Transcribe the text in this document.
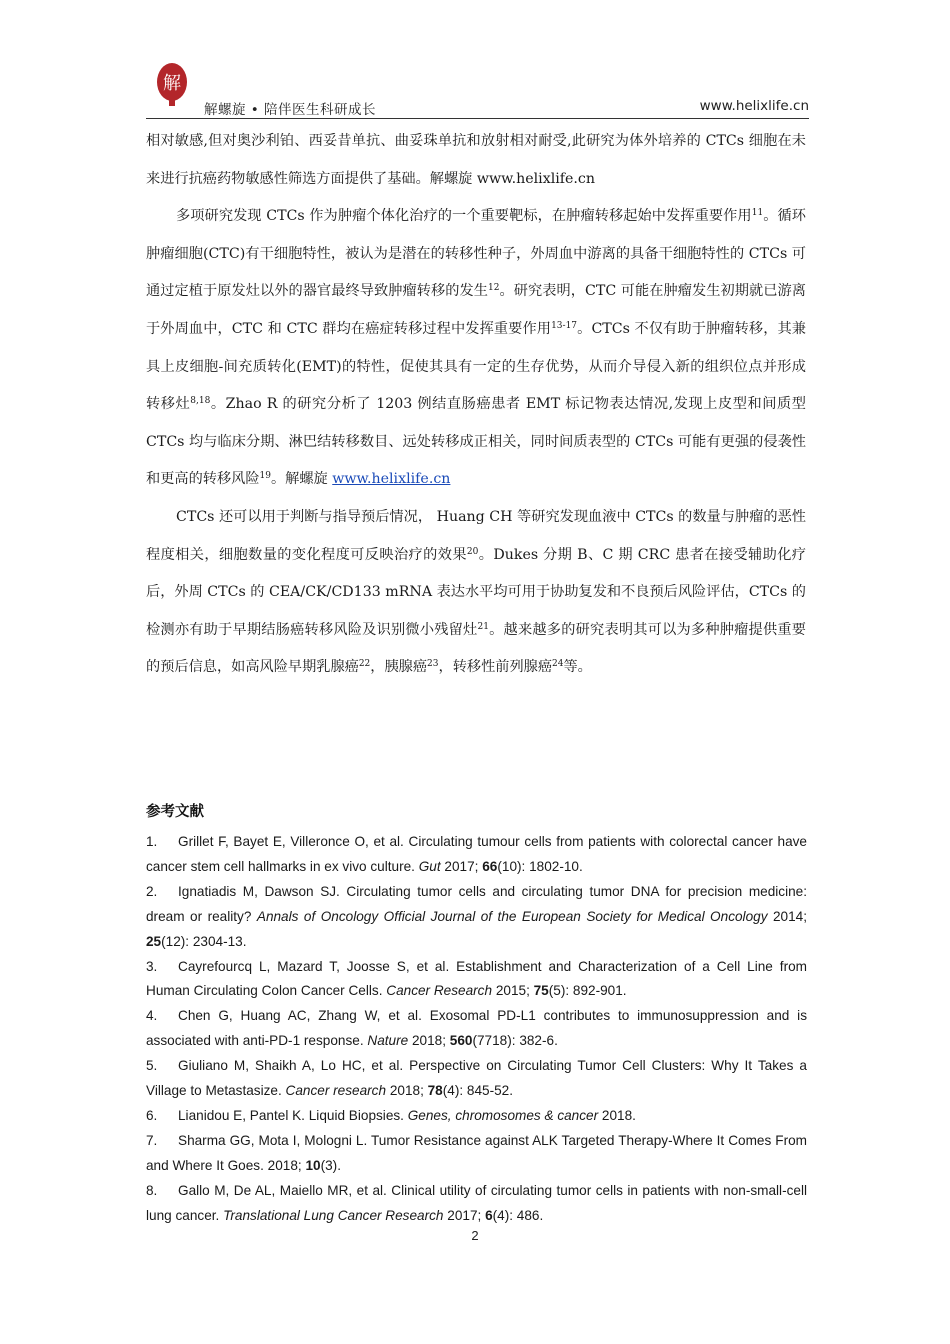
解
解螺旋 • 陪伴医生科研成长	www.helixlife.cn

相对敏感,但对奥沙利铂、西妥昔单抗、曲妥珠单抗和放射相对耐受,此研究为体外培养的 CTCs 细胞在未来进行抗癌药物敏感性筛选方面提供了基础。解螺旋 www.helixlife.cn

多项研究发现 CTCs 作为肿瘤个体化治疗的一个重要靶标，在肿瘤转移起始中发挥重要作用$^{11}$。循环肿瘤细胞(CTC)有干细胞特性，被认为是潜在的转移性种子，外周血中游离的具备干细胞特性的 CTCs 可通过定植于原发灶以外的器官最终导致肿瘤转移的发生$^{12}$。研究表明，CTC 可能在肿瘤发生初期就已游离于外周血中，CTC 和 CTC 群均在癌症转移过程中发挥重要作用$^{13-17}$。CTCs 不仅有助于肿瘤转移，其兼具上皮细胞-间充质转化(EMT)的特性，促使其具有一定的生存优势，从而介导侵入新的组织位点并形成转移灶$^{8,18}$。Zhao R 的研究分析了 1203 例结直肠癌患者 EMT 标记物表达情况,发现上皮型和间质型 CTCs 均与临床分期、淋巴结转移数目、远处转移成正相关，同时间质表型的 CTCs 可能有更强的侵袭性和更高的转移风险$^{19}$。解螺旋 www.helixlife.cn

CTCs 还可以用于判断与指导预后情况， Huang CH 等研究发现血液中 CTCs 的数量与肿瘤的恶性程度相关，细胞数量的变化程度可反映治疗的效果$^{20}$。Dukes 分期 B、C 期 CRC 患者在接受辅助化疗后，外周 CTCs 的 CEA/CK/CD133 mRNA 表达水平均可用于协助复发和不良预后风险评估，CTCs 的检测亦有助于早期结肠癌转移风险及识别微小残留灶$^{21}$。越来越多的研究表明其可以为多种肿瘤提供重要的预后信息，如高风险早期乳腺癌$^{22}$，胰腺癌$^{23}$，转移性前列腺癌$^{24}$等。

参考文献

1. Grillet F, Bayet E, Villeronce O, et al. Circulating tumour cells from patients with colorectal cancer have cancer stem cell hallmarks in ex vivo culture. Gut 2017; 66(10): 1802-10.

2. Ignatiadis M, Dawson SJ. Circulating tumor cells and circulating tumor DNA for precision medicine: dream or reality? Annals of Oncology Official Journal of the European Society for Medical Oncology 2014; 25(12): 2304-13.

3. Cayrefourcq L, Mazard T, Joosse S, et al. Establishment and Characterization of a Cell Line from Human Circulating Colon Cancer Cells. Cancer Research 2015; 75(5): 892-901.

4. Chen G, Huang AC, Zhang W, et al. Exosomal PD-L1 contributes to immunosuppression and is associated with anti-PD-1 response. Nature 2018; 560(7718): 382-6.

5. Giuliano M, Shaikh A, Lo HC, et al. Perspective on Circulating Tumor Cell Clusters: Why It Takes a Village to Metastasize. Cancer research 2018; 78(4): 845-52.

6. Lianidou E, Pantel K. Liquid Biopsies. Genes, chromosomes & cancer 2018.

7. Sharma GG, Mota I, Mologni L. Tumor Resistance against ALK Targeted Therapy-Where It Comes From and Where It Goes. 2018; 10(3).

8. Gallo M, De AL, Maiello MR, et al. Clinical utility of circulating tumor cells in patients with non-small-cell lung cancer. Translational Lung Cancer Research 2017; 6(4): 486.

2
